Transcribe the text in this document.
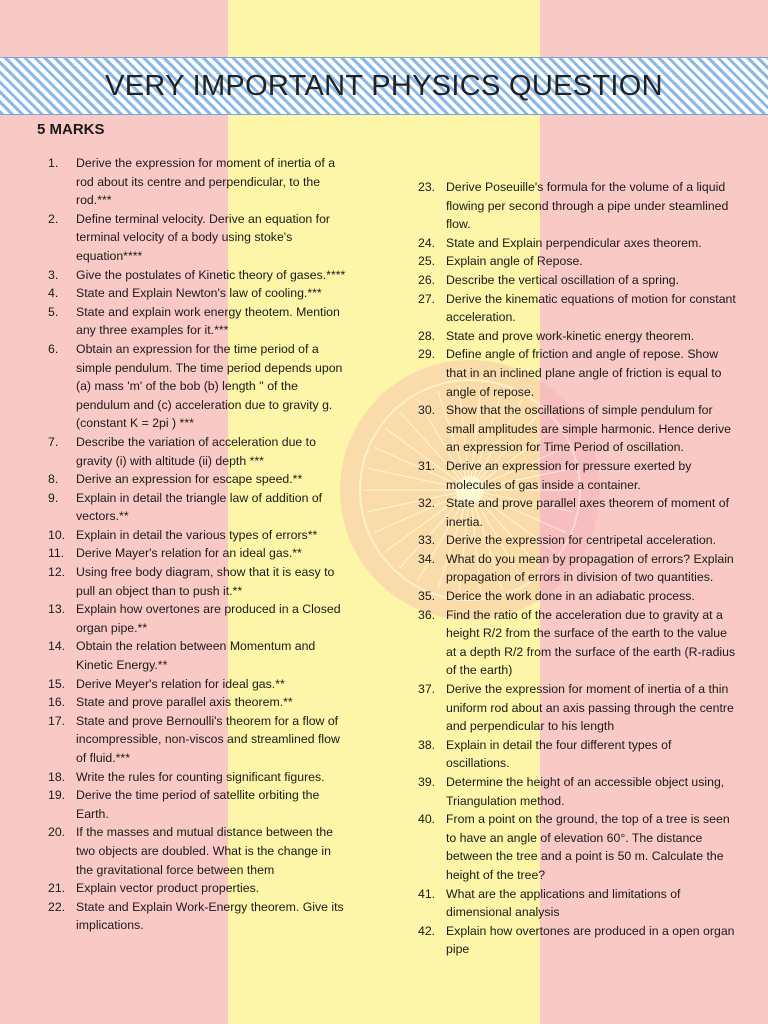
VERY IMPORTANT PHYSICS QUESTION
5 MARKS
1.	Derive the expression for moment of inertia of a rod about its centre and perpendicular, to the rod.***
2.	Define terminal velocity. Derive an equation for terminal velocity of a body using stoke's equation****
3.	Give the postulates of Kinetic theory of gases.****
4.	State and Explain Newton's law of cooling.***
5.	State and explain work energy theotem. Mention any three examples for it.***
6.	Obtain an expression for the time period of a simple pendulum. The time period depends upon (a) mass 'm' of the bob (b) length '' of the pendulum and (c) acceleration due to gravity g. (constant K = 2pi ) ***
7.	Describe the variation of acceleration due to gravity (i) with altitude (ii) depth ***
8.	Derive an expression for escape speed.**
9.	Explain in detail the triangle law of addition of vectors.**
10. Explain in detail the various types of errors**
11. Derive Mayer's relation for an ideal gas.**
12. Using free body diagram, show that it is easy to pull an object than to push it.**
13. Explain how overtones are produced in a Closed organ pipe.**
14. Obtain the relation between Momentum and Kinetic Energy.**
15. Derive Meyer's relation for ideal gas.**
16. State and prove parallel axis theorem.**
17. State and prove Bernoulli's theorem for a flow of incompressible, non-viscos and streamlined flow of fluid.***
18. Write the rules for counting significant figures.
19. Derive the time period of satellite orbiting the Earth.
20. If the masses and mutual distance between the two objects are doubled. What is the change in the gravitational force between them
21. Explain vector product properties.
22. State and Explain Work-Energy theorem. Give its implications.
23. Derive Poseuille's formula for the volume of a liquid flowing per second through a pipe under steamlined flow.
24. State and Explain perpendicular axes theorem.
25. Explain angle of Repose.
26. Describe the vertical oscillation of a spring.
27. Derive the kinematic equations of motion for constant acceleration.
28. State and prove work-kinetic energy theorem.
29. Define angle of friction and angle of repose. Show that in an inclined plane angle of friction is equal to angle of repose.
30. Show that the oscillations of simple pendulum for small amplitudes are simple harmonic. Hence derive an expression for Time Period of oscillation.
31. Derive an expression for pressure exerted by molecules of gas inside a container.
32. State and prove parallel axes theorem of moment of inertia.
33. Derive the expression for centripetal acceleration.
34. What do you mean by propagation of errors? Explain propagation of errors in division of two quantities.
35. Derice the work done in an adiabatic process.
36. Find the ratio of the acceleration due to gravity at a height R/2 from the surface of the earth to the value at a depth R/2 from the surface of the earth (R-radius of the earth)
37. Derive the expression for moment of inertia of a thin uniform rod about an axis passing through the centre and perpendicular to his length
38. Explain in detail the four different types of oscillations.
39. Determine the height of an accessible object using, Triangulation method.
40. From a point on the ground, the top of a tree is seen to have an angle of elevation 60°. The distance between the tree and a point is 50 m. Calculate the height of the tree?
41. What are the applications and limitations of dimensional analysis
42. Explain how overtones are produced in a open organ pipe
